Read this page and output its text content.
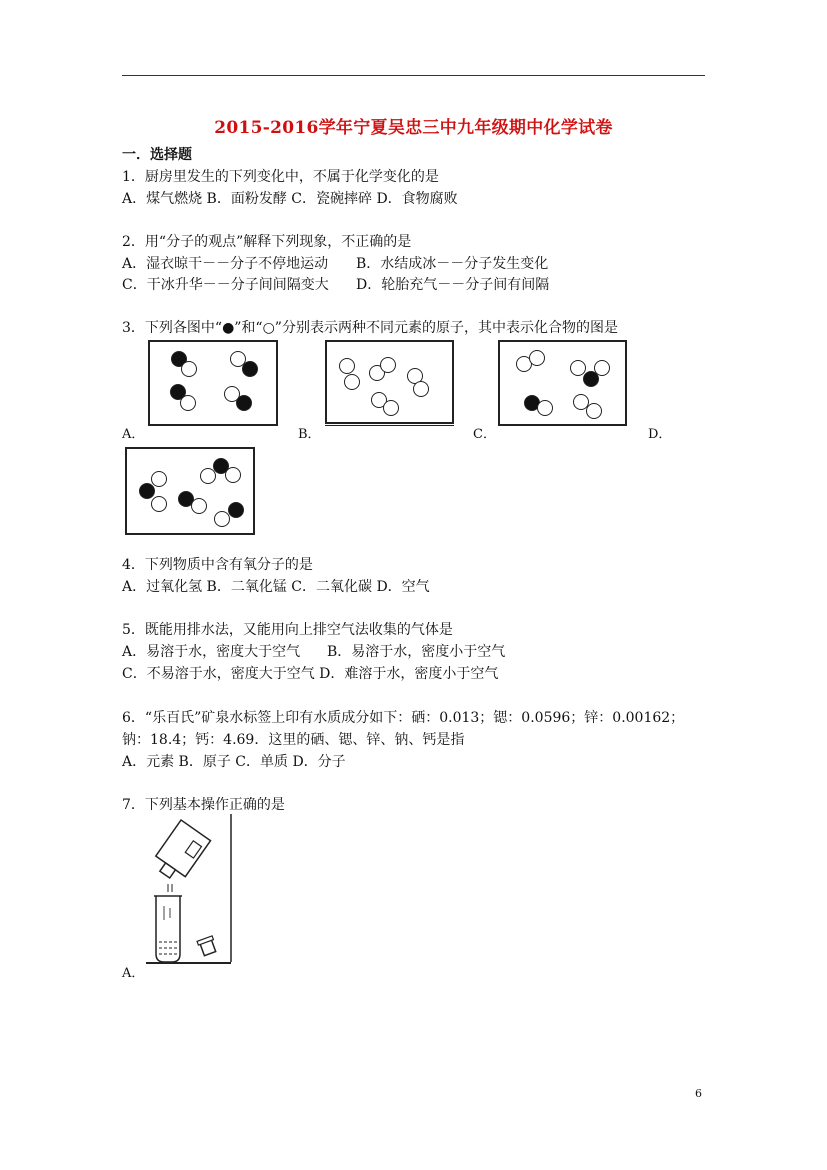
2015-2016学年宁夏吴忠三中九年级期中化学试卷
一．选择题
1．厨房里发生的下列变化中，不属于化学变化的是
A．煤气燃烧 B．面粉发酵 C．瓷碗摔碎 D．食物腐败
2．用“分子的观点”解释下列现象，不正确的是
A．湿衣晾干－－分子不停地运动 B．水结成冰－－分子发生变化
C．干冰升华－－分子间间隔变大 D．轮胎充气－－分子间有间隔
3．下列各图中“●”和“○”分别表示两种不同元素的原子，其中表示化合物的图是
A．	B．	C．	D．
4．下列物质中含有氧分子的是
A．过氧化氢 B．二氧化锰 C．二氧化碳 D．空气
5．既能用排水法，又能用向上排空气法收集的气体是
A．易溶于水，密度大于空气 B．易溶于水，密度小于空气
C．不易溶于水，密度大于空气 D．难溶于水，密度小于空气
6．“乐百氏”矿泉水标签上印有水质成分如下：硒：0.013；锶：0.0596；锌：0.00162；
钠：18.4；钙：4.69．这里的硒、锶、锌、钠、钙是指
A．元素 B．原子 C．单质 D．分子
7．下列基本操作正确的是
A．
6
